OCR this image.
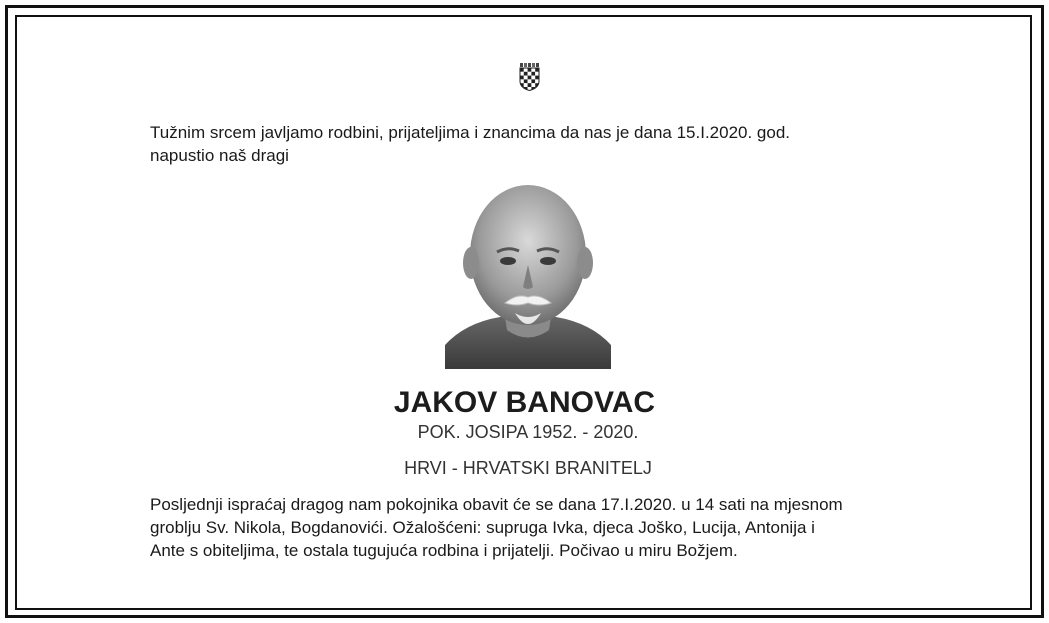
Tužnim srcem javljamo rodbini, prijateljima i znancima da nas je dana 15.I.2020. god.
napustio naš dragi

JAKOV BANOVAC

POK. JOSIPA 1952. - 2020.

HRVI - HRVATSKI BRANITELJ

Posljednji ispraćaj dragog nam pokojnika obavit će se dana 17.I.2020. u 14 sati na mjesnom
groblju Sv. Nikola, Bogdanovići. Ožalošćeni: supruga Ivka, djeca Joško, Lucija, Antonija i
Ante s obiteljima, te ostala tugujuća rodbina i prijatelji. Počivao u miru Božjem.
